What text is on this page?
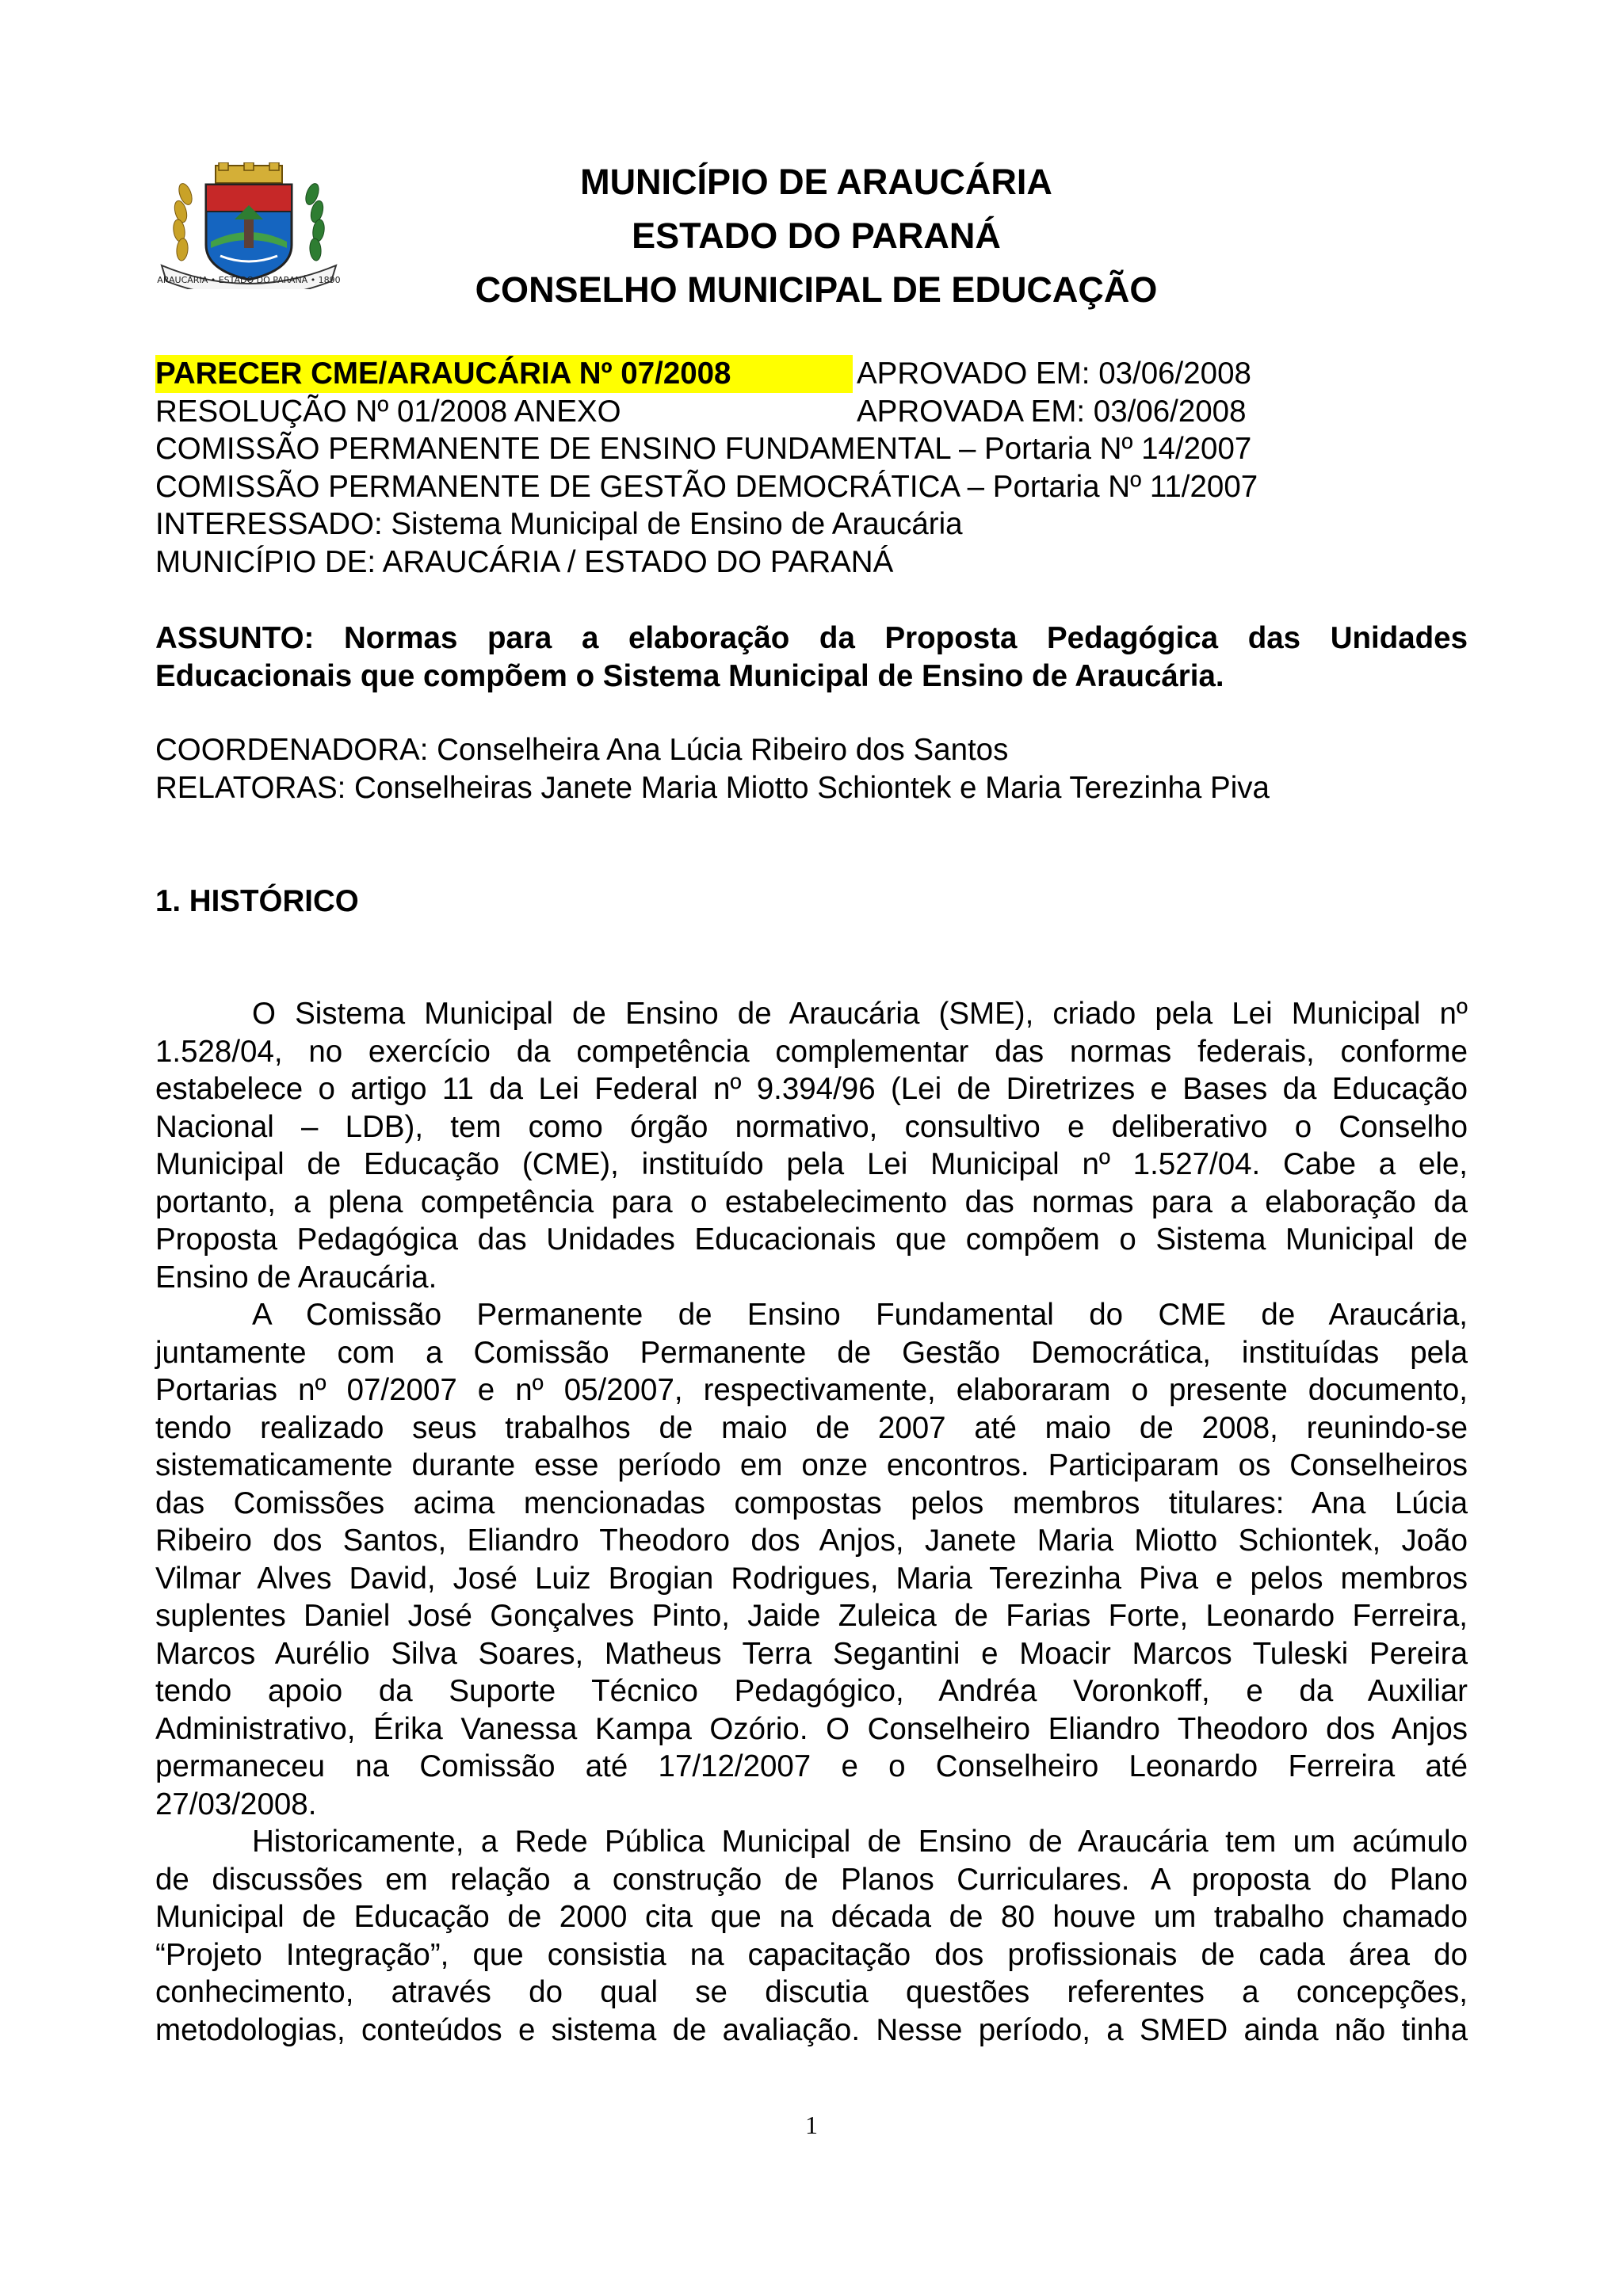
ARAUCÁRIA • ESTADO DO PARANÁ • 1890
MUNICÍPIO DE ARAUCÁRIA
ESTADO DO PARANÁ
CONSELHO MUNICIPAL DE EDUCAÇÃO
PARECER CME/ARAUCÁRIA Nº 07/2008	APROVADO EM: 03/06/2008
RESOLUÇÃO Nº 01/2008 ANEXO	APROVADA EM: 03/06/2008
COMISSÃO PERMANENTE DE ENSINO FUNDAMENTAL – Portaria Nº 14/2007
COMISSÃO PERMANENTE DE GESTÃO DEMOCRÁTICA – Portaria Nº 11/2007
INTERESSADO: Sistema Municipal de Ensino de Araucária
MUNICÍPIO DE: ARAUCÁRIA / ESTADO DO PARANÁ
ASSUNTO: Normas para a elaboração da Proposta Pedagógica das Unidades
Educacionais que compõem o Sistema Municipal de Ensino de Araucária.
COORDENADORA: Conselheira Ana Lúcia Ribeiro dos Santos
RELATORAS: Conselheiras Janete Maria Miotto Schiontek e Maria Terezinha Piva
1. HISTÓRICO
O Sistema Municipal de Ensino de Araucária (SME), criado pela Lei Municipal nº
1.528/04, no exercício da competência complementar das normas federais, conforme
estabelece o artigo 11 da Lei Federal nº 9.394/96 (Lei de Diretrizes e Bases da Educação
Nacional – LDB), tem como órgão normativo, consultivo e deliberativo o Conselho
Municipal de Educação (CME), instituído pela Lei Municipal nº 1.527/04. Cabe a ele,
portanto, a plena competência para o estabelecimento das normas para a elaboração da
Proposta Pedagógica das Unidades Educacionais que compõem o Sistema Municipal de
Ensino de Araucária.
A Comissão Permanente de Ensino Fundamental do CME de Araucária,
juntamente com a Comissão Permanente de Gestão Democrática, instituídas pela
Portarias nº 07/2007 e nº 05/2007, respectivamente, elaboraram o presente documento,
tendo realizado seus trabalhos de maio de 2007 até maio de 2008, reunindo-se
sistematicamente durante esse período em onze encontros. Participaram os Conselheiros
das Comissões acima mencionadas compostas pelos membros titulares: Ana Lúcia
Ribeiro dos Santos, Eliandro Theodoro dos Anjos, Janete Maria Miotto Schiontek, João
Vilmar Alves David, José Luiz Brogian Rodrigues, Maria Terezinha Piva e pelos membros
suplentes Daniel José Gonçalves Pinto, Jaide Zuleica de Farias Forte, Leonardo Ferreira,
Marcos Aurélio Silva Soares, Matheus Terra Segantini e Moacir Marcos Tuleski Pereira
tendo apoio da Suporte Técnico Pedagógico, Andréa Voronkoff, e da Auxiliar
Administrativo, Érika Vanessa Kampa Ozório. O Conselheiro Eliandro Theodoro dos Anjos
permaneceu na Comissão até 17/12/2007 e o Conselheiro Leonardo Ferreira até
27/03/2008.
Historicamente, a Rede Pública Municipal de Ensino de Araucária tem um acúmulo
de discussões em relação a construção de Planos Curriculares. A proposta do Plano
Municipal de Educação de 2000 cita que na década de 80 houve um trabalho chamado
“Projeto Integração”, que consistia na capacitação dos profissionais de cada área do
conhecimento, através do qual se discutia questões referentes a concepções,
metodologias, conteúdos e sistema de avaliação. Nesse período, a SMED ainda não tinha
1
